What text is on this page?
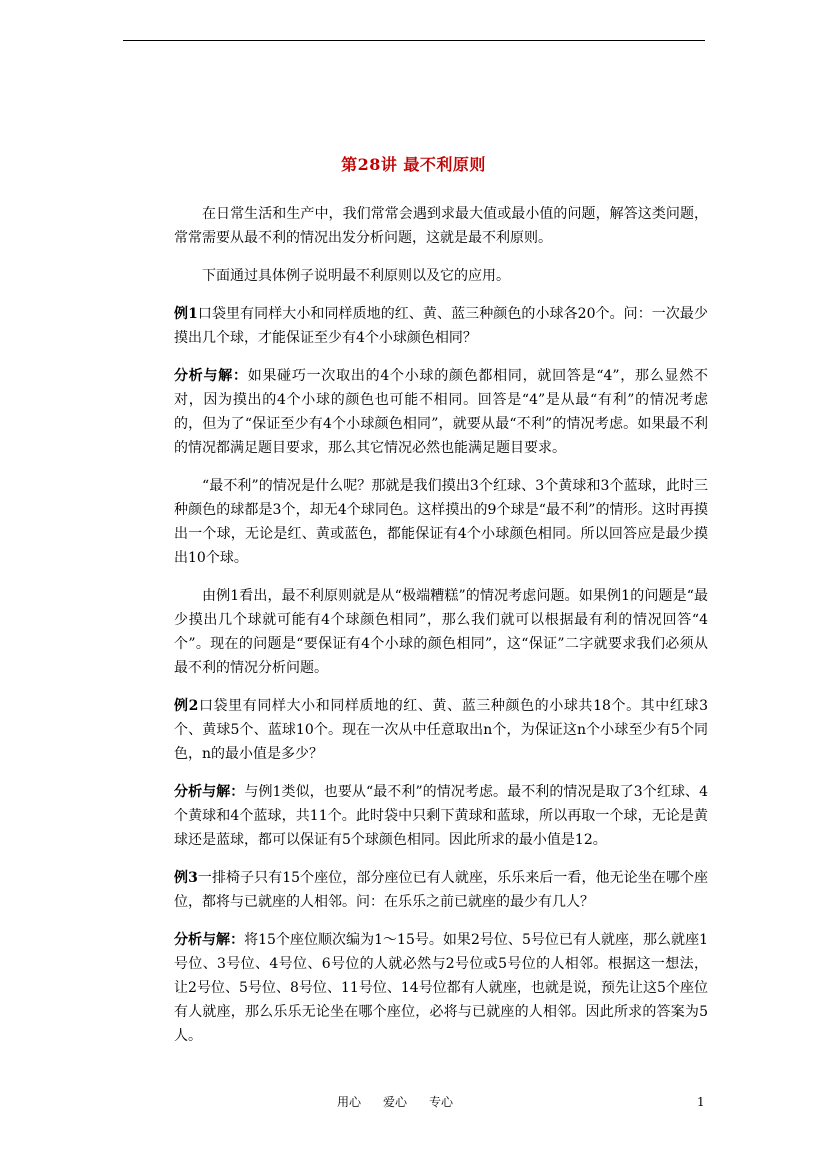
第28讲 最不利原则

在日常生活和生产中，我们常常会遇到求最大值或最小值的问题，解答这类问题，常常需要从最不利的情况出发分析问题，这就是最不利原则。

下面通过具体例子说明最不利原则以及它的应用。

例1口袋里有同样大小和同样质地的红、黄、蓝三种颜色的小球各20个。问：一次最少摸出几个球，才能保证至少有4个小球颜色相同？

分析与解：如果碰巧一次取出的4个小球的颜色都相同，就回答是“4”，那么显然不对，因为摸出的4个小球的颜色也可能不相同。回答是“4”是从最“有利”的情况考虑的，但为了“保证至少有4个小球颜色相同”，就要从最“不利”的情况考虑。如果最不利的情况都满足题目要求，那么其它情况必然也能满足题目要求。

“最不利”的情况是什么呢？那就是我们摸出3个红球、3个黄球和3个蓝球，此时三种颜色的球都是3个，却无4个球同色。这样摸出的9个球是“最不利”的情形。这时再摸出一个球，无论是红、黄或蓝色，都能保证有4个小球颜色相同。所以回答应是最少摸出10个球。

由例1看出，最不利原则就是从“极端糟糕”的情况考虑问题。如果例1的问题是“最少摸出几个球就可能有4个球颜色相同”，那么我们就可以根据最有利的情况回答“4个”。现在的问题是“要保证有4个小球的颜色相同”，这“保证”二字就要求我们必须从最不利的情况分析问题。

例2口袋里有同样大小和同样质地的红、黄、蓝三种颜色的小球共18个。其中红球3个、黄球5个、蓝球10个。现在一次从中任意取出n个，为保证这n个小球至少有5个同色，n的最小值是多少？

分析与解：与例1类似，也要从“最不利”的情况考虑。最不利的情况是取了3个红球、4个黄球和4个蓝球，共11个。此时袋中只剩下黄球和蓝球，所以再取一个球，无论是黄球还是蓝球，都可以保证有5个球颜色相同。因此所求的最小值是12。

例3一排椅子只有15个座位，部分座位已有人就座，乐乐来后一看，他无论坐在哪个座位，都将与已就座的人相邻。问：在乐乐之前已就座的最少有几人？

分析与解：将15个座位顺次编为1～15号。如果2号位、5号位已有人就座，那么就座1号位、3号位、4号位、6号位的人就必然与2号位或5号位的人相邻。根据这一想法，让2号位、5号位、8号位、11号位、14号位都有人就座，也就是说，预先让这5个座位有人就座，那么乐乐无论坐在哪个座位，必将与已就座的人相邻。因此所求的答案为5人。

用心 爱心 专心	1
